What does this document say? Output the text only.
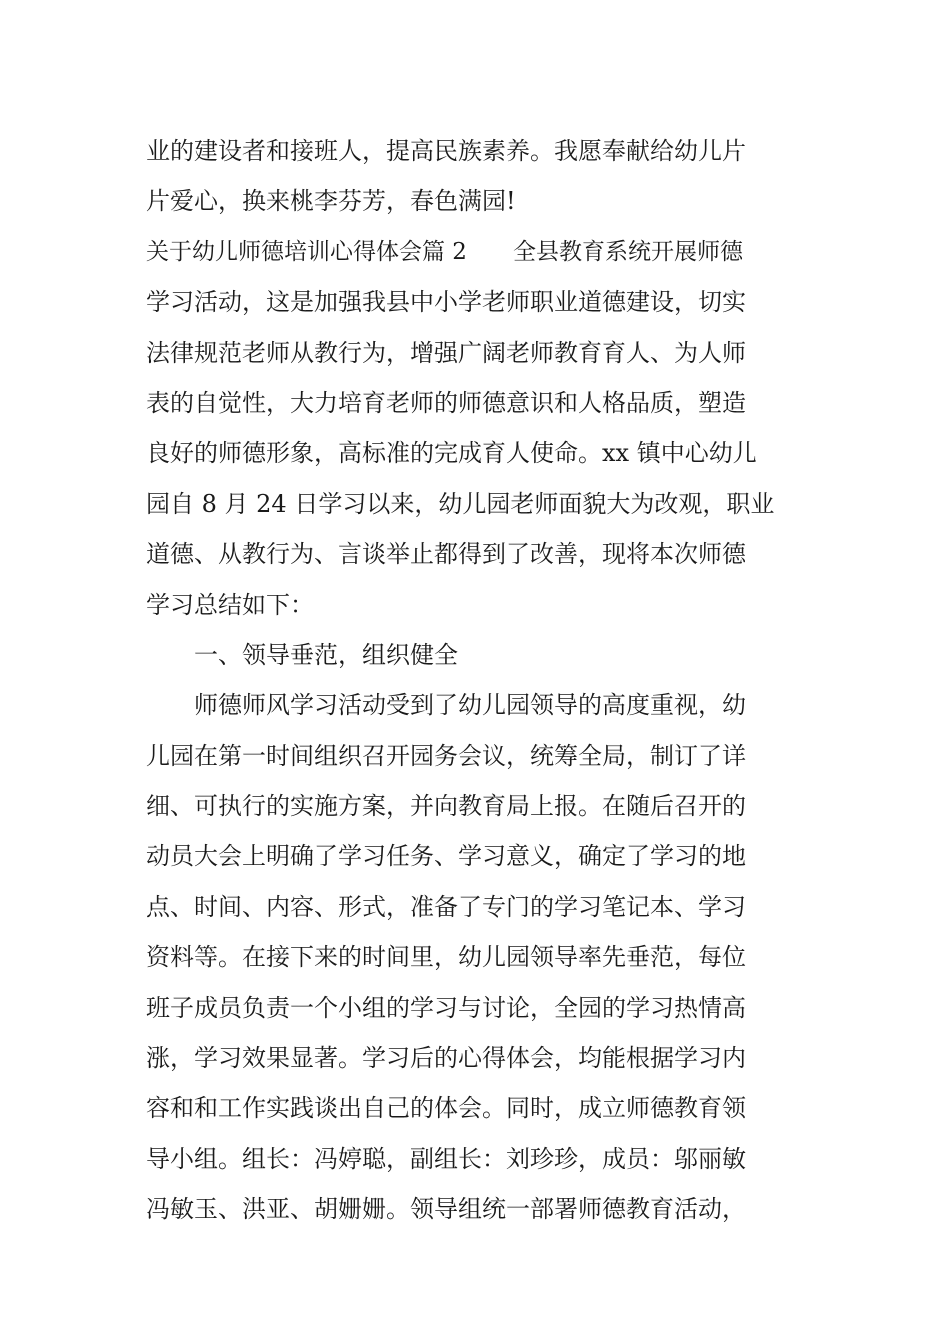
业的建设者和接班人，提高民族素养。我愿奉献给幼儿片
片爱心，换来桃李芬芳，春色满园!
关于幼儿师德培训心得体会篇 2　　全县教育系统开展师德
学习活动，这是加强我县中小学老师职业道德建设，切实
法律规范老师从教行为，增强广阔老师教育育人、为人师
表的自觉性，大力培育老师的师德意识和人格品质，塑造
良好的师德形象，高标准的完成育人使命。xx 镇中心幼儿
园自 8 月 24 日学习以来，幼儿园老师面貌大为改观，职业
道德、从教行为、言谈举止都得到了改善，现将本次师德
学习总结如下：
一、领导垂范，组织健全
师德师风学习活动受到了幼儿园领导的高度重视，幼
儿园在第一时间组织召开园务会议，统筹全局，制订了详
细、可执行的实施方案，并向教育局上报。在随后召开的
动员大会上明确了学习任务、学习意义，确定了学习的地
点、时间、内容、形式，准备了专门的学习笔记本、学习
资料等。在接下来的时间里，幼儿园领导率先垂范，每位
班子成员负责一个小组的学习与讨论，全园的学习热情高
涨，学习效果显著。学习后的心得体会，均能根据学习内
容和和工作实践谈出自己的体会。同时，成立师德教育领
导小组。组长：冯婷聪，副组长：刘珍珍，成员：邬丽敏
冯敏玉、洪亚、胡姗姗。领导组统一部署师德教育活动，
